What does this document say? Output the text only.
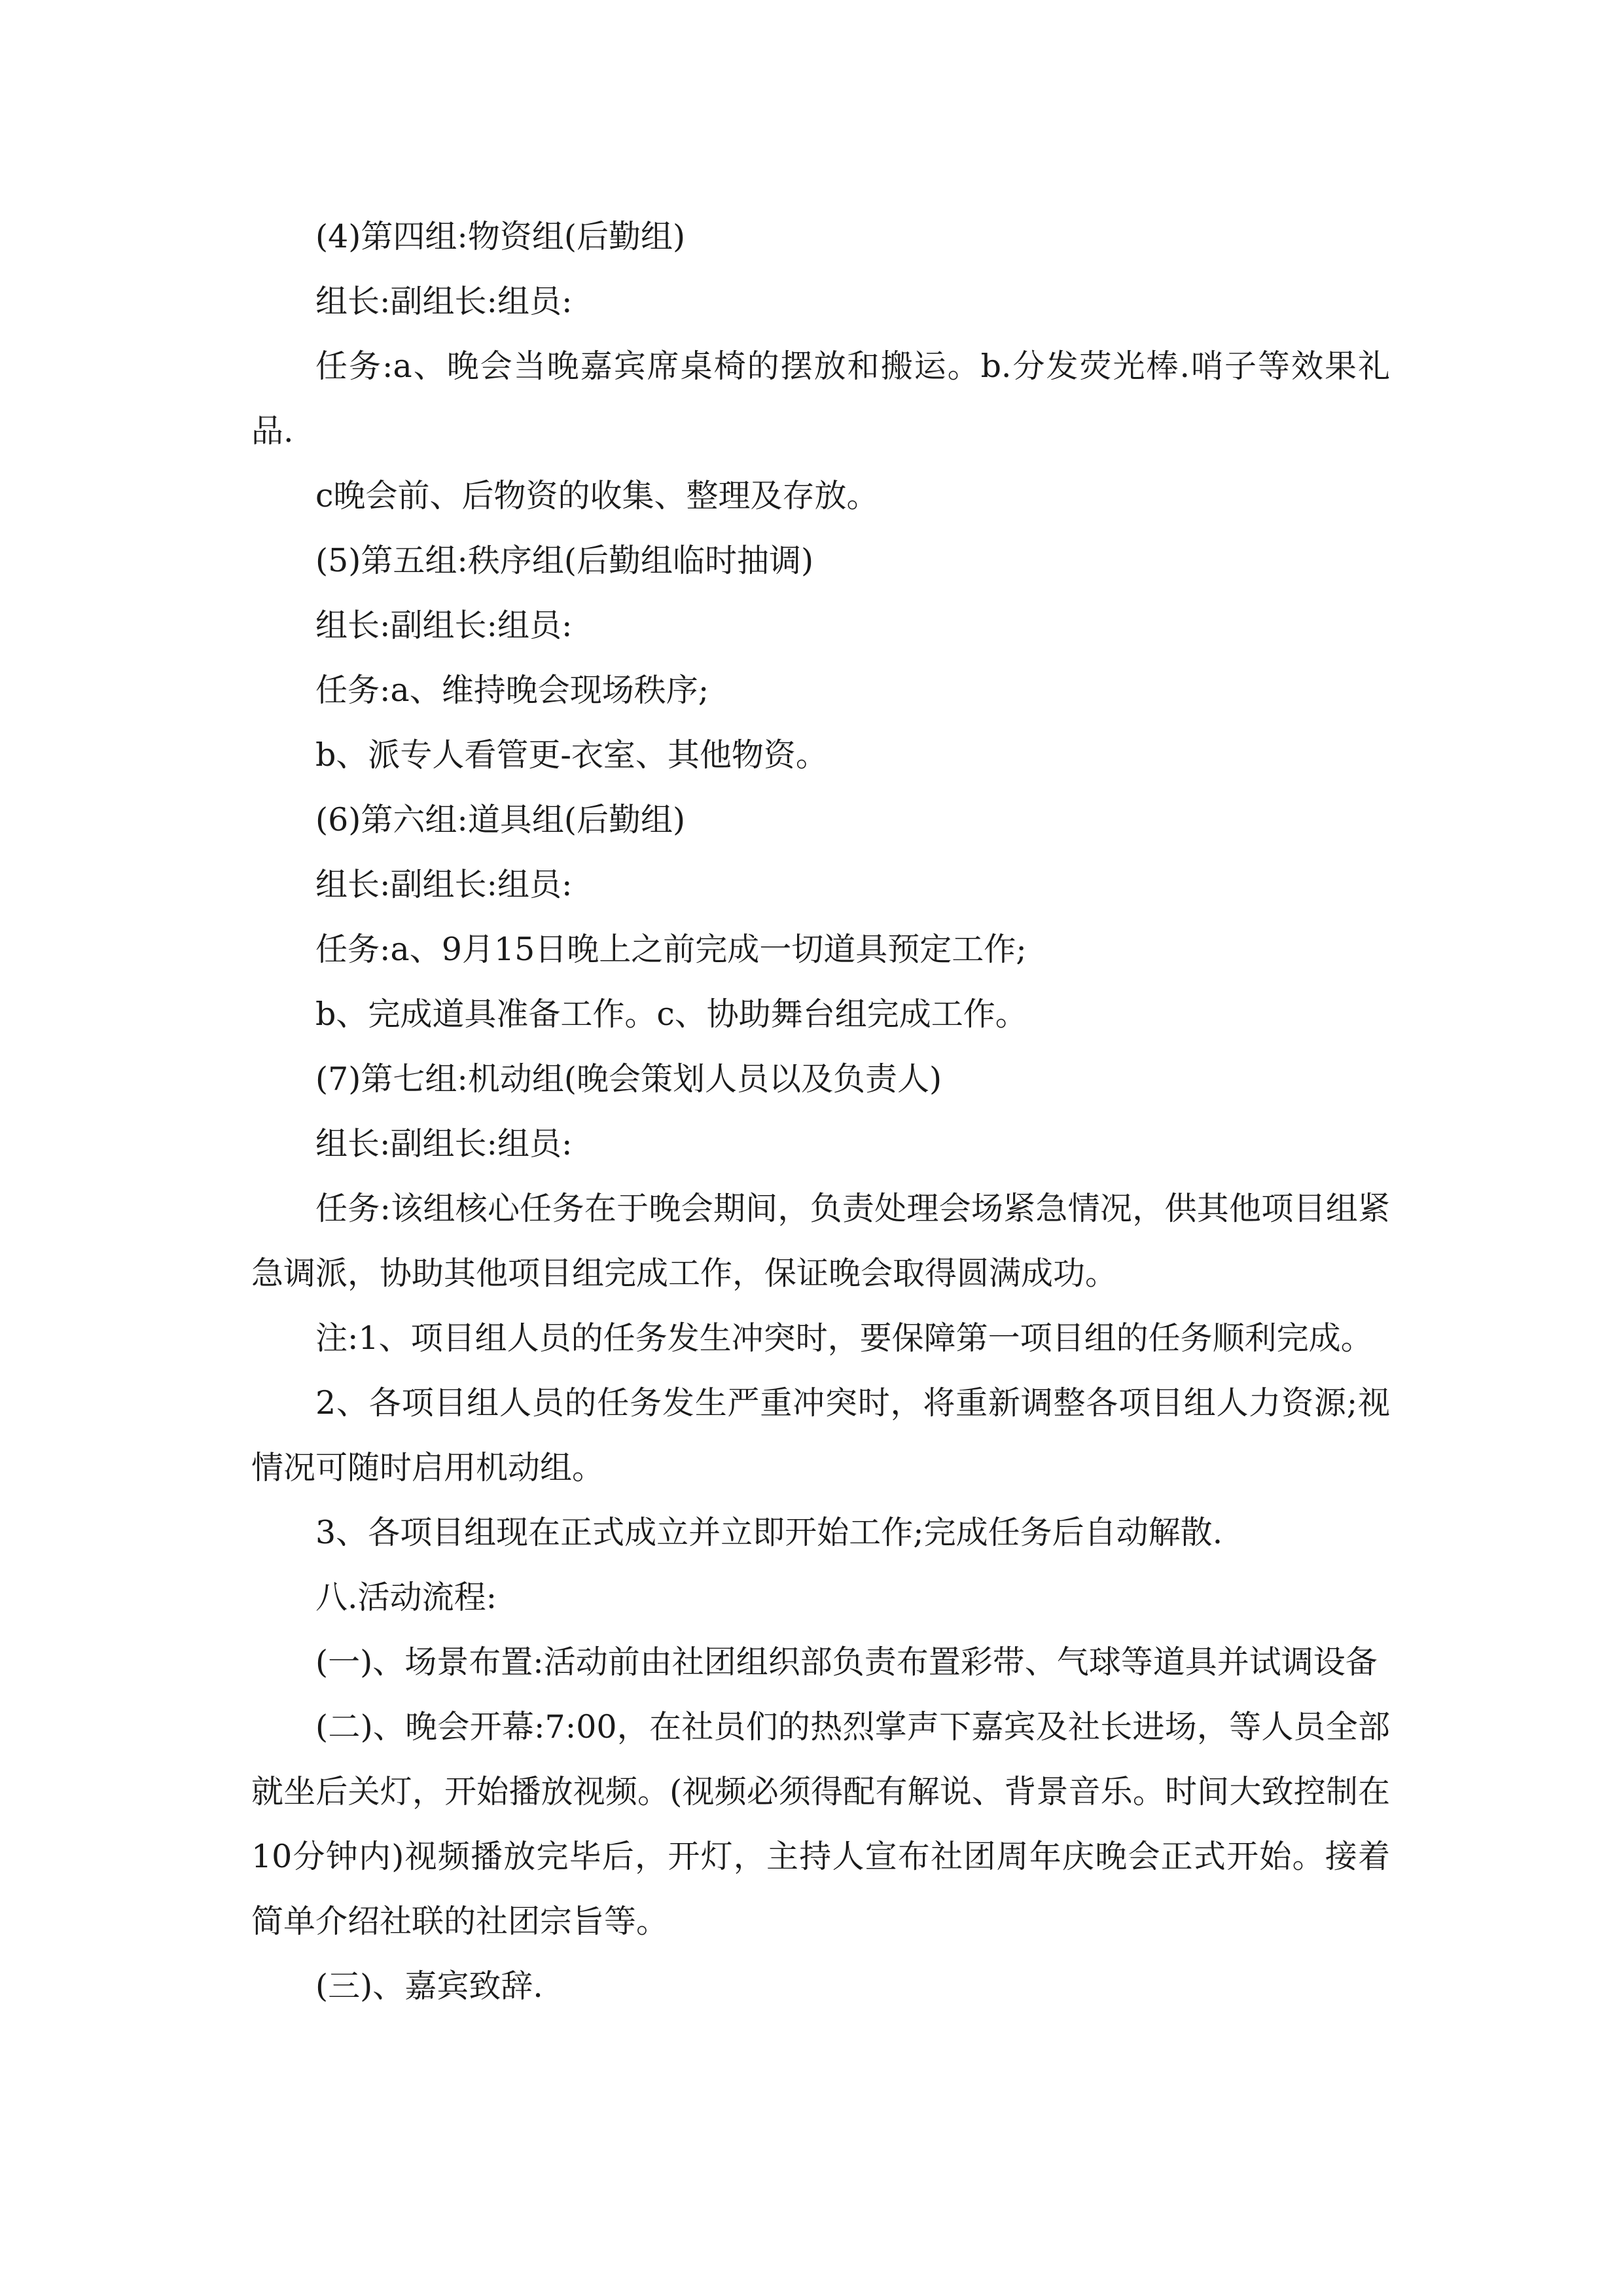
(4)第四组:物资组(后勤组)

组长:副组长:组员:

任务:a、晚会当晚嘉宾席桌椅的摆放和搬运。b.分发荧光棒.哨子等效果礼品.

c晚会前、后物资的收集、整理及存放。

(5)第五组:秩序组(后勤组临时抽调)

组长:副组长:组员:

任务:a、维持晚会现场秩序;

b、派专人看管更-衣室、其他物资。

(6)第六组:道具组(后勤组)

组长:副组长:组员:

任务:a、9月15日晚上之前完成一切道具预定工作;

b、完成道具准备工作。c、协助舞台组完成工作。

(7)第七组:机动组(晚会策划人员以及负责人)

组长:副组长:组员:

任务:该组核心任务在于晚会期间，负责处理会场紧急情况，供其他项目组紧急调派，协助其他项目组完成工作，保证晚会取得圆满成功。

注:1、项目组人员的任务发生冲突时，要保障第一项目组的任务顺利完成。

2、各项目组人员的任务发生严重冲突时，将重新调整各项目组人力资源;视情况可随时启用机动组。

3、各项目组现在正式成立并立即开始工作;完成任务后自动解散.

八.活动流程:

(一)、场景布置:活动前由社团组织部负责布置彩带、气球等道具并试调设备

(二)、晚会开幕:7:00，在社员们的热烈掌声下嘉宾及社长进场，等人员全部就坐后关灯，开始播放视频。(视频必须得配有解说、背景音乐。时间大致控制在10分钟内)视频播放完毕后，开灯，主持人宣布社团周年庆晚会正式开始。接着简单介绍社联的社团宗旨等。

(三)、嘉宾致辞.
